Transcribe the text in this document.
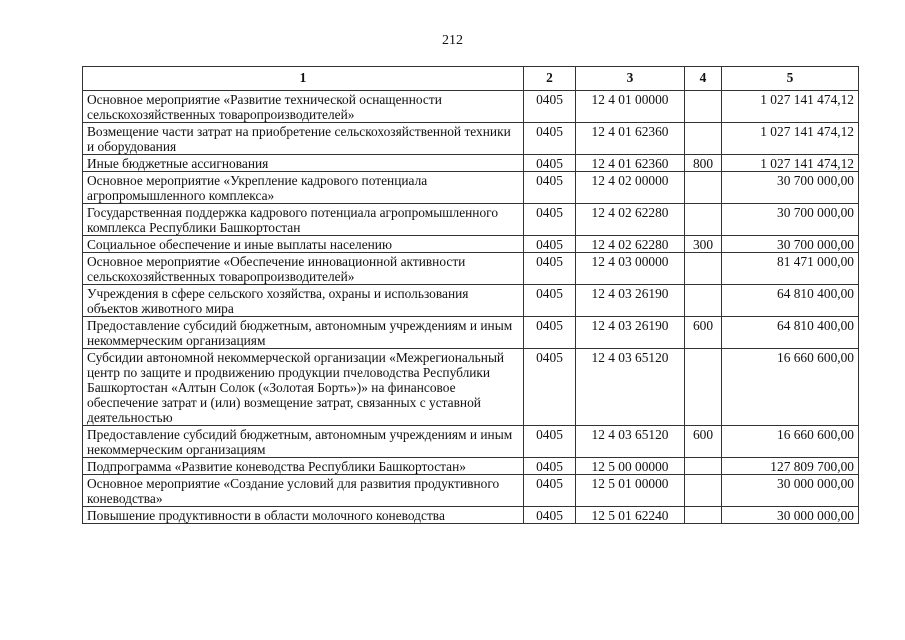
212
1	2	3	4	5
Основное мероприятие «Развитие технической оснащенности сельскохозяйственных товаропроизводителей»	0405	12 4 01 00000		1 027 141 474,12
Возмещение части затрат на приобретение сельскохозяйственной техники и оборудования	0405	12 4 01 62360		1 027 141 474,12
Иные бюджетные ассигнования	0405	12 4 01 62360	800	1 027 141 474,12
Основное мероприятие «Укрепление кадрового потенциала агропромышленного комплекса»	0405	12 4 02 00000		30 700 000,00
Государственная поддержка кадрового потенциала агропромышленного комплекса Республики Башкортостан	0405	12 4 02 62280		30 700 000,00
Социальное обеспечение и иные выплаты населению	0405	12 4 02 62280	300	30 700 000,00
Основное мероприятие «Обеспечение инновационной активности сельскохозяйственных товаропроизводителей»	0405	12 4 03 00000		81 471 000,00
Учреждения в сфере сельского хозяйства, охраны и использования объектов животного мира	0405	12 4 03 26190		64 810 400,00
Предоставление субсидий бюджетным, автономным учреждениям и иным некоммерческим организациям	0405	12 4 03 26190	600	64 810 400,00
Субсидии автономной некоммерческой организации «Межрегиональный центр по защите и продвижению продукции пчеловодства Республики Башкортостан «Алтын Солок («Золотая Борть»)» на финансовое обеспечение затрат и (или) возмещение затрат, связанных с уставной деятельностью	0405	12 4 03 65120		16 660 600,00
Предоставление субсидий бюджетным, автономным учреждениям и иным некоммерческим организациям	0405	12 4 03 65120	600	16 660 600,00
Подпрограмма «Развитие коневодства Республики Башкортостан»	0405	12 5 00 00000		127 809 700,00
Основное мероприятие «Создание условий для развития продуктивного коневодства»	0405	12 5 01 00000		30 000 000,00
Повышение продуктивности в области молочного коневодства	0405	12 5 01 62240		30 000 000,00
